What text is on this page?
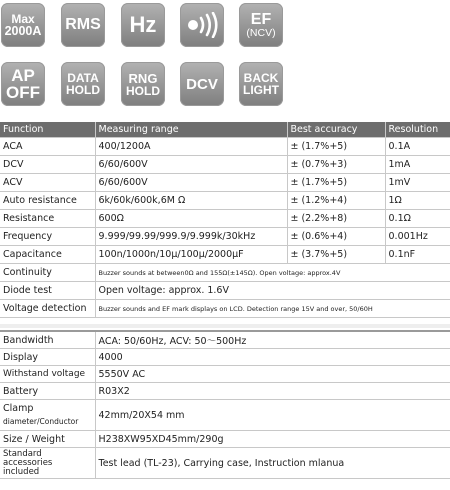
Max
2000A RMS Hz	EF
(NCV)
AP
OFF
DATA
HOLD
RNG
HOLD DCV BACK
LIGHT
Function	Measuring range	Best accuracy	Resolution
ACA	400/1200A	± (1.7%+5)	0.1A
DCV	6/60/600V	± (0.7%+3)	1mA
ACV	6/60/600V	± (1.7%+5)	1mV
Auto resistance	6k/60k/600k,6M Ω	± (1.2%+4)	1Ω
Resistance	600Ω	± (2.2%+8)	0.1Ω
Frequency	9.999/99.99/999.9/9.999k/30kHz	± (0.6%+4)	0.001Hz
Capacitance	100n/1000n/10μ/100μ/2000μF	± (3.7%+5)	0.1nF
Continuity	Buzzer sounds at between0Ω and 155Ω(±145Ω). Open voltage: approx.4V		
Diode test	Open voltage: approx. 1.6V		
Voltage detection	Buzzer sounds and EF mark displays on LCD. Detection range 15V and over, 50/60H		
Bandwidth	ACA: 50/60Hz, ACV: 50～500Hz
Display	4000
Withstand voltage	5550V AC
Battery	R03X2

Clamp
diameter/Conductor	42mm/20X54 mm
Size / Weight	H238XW95XD45mm/290g

Standard
accessories
included	Test lead (TL-23), Carrying case, Instruction mlanua
